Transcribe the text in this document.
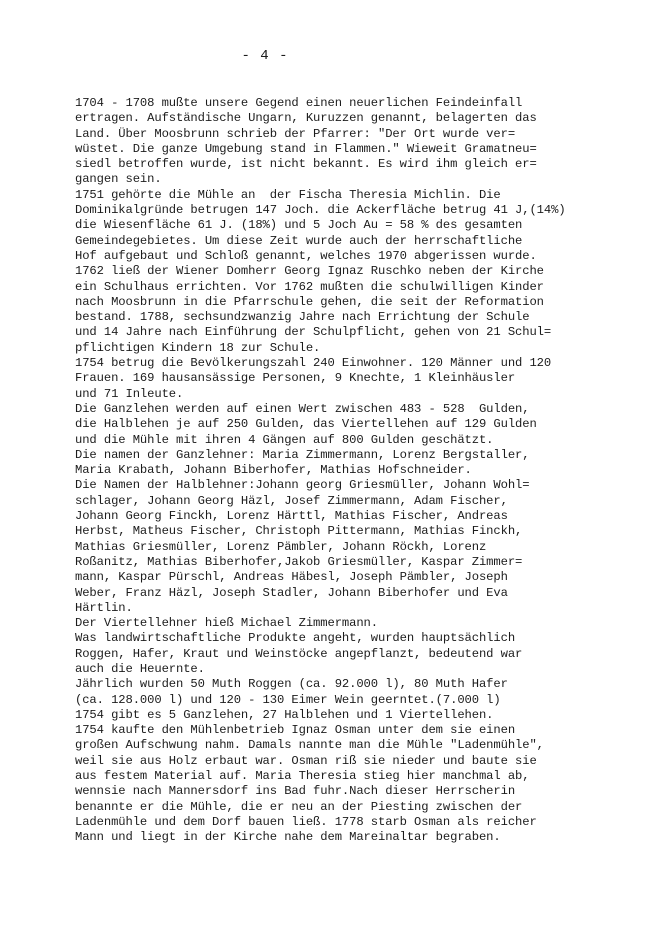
- 4 -
1704 - 1708 mußte unsere Gegend einen neuerlichen Feindeinfall
ertragen. Aufständische Ungarn, Kuruzzen genannt, belagerten das
Land. Über Moosbrunn schrieb der Pfarrer: "Der Ort wurde ver=
wüstet. Die ganze Umgebung stand in Flammen." Wieweit Gramatneu=
siedl betroffen wurde, ist nicht bekannt. Es wird ihm gleich er=
gangen sein.
1751 gehörte die Mühle an  der Fischa Theresia Michlin. Die
Dominikalgründe betrugen 147 Joch. die Ackerfläche betrug 41 J,(14%)
die Wiesenfläche 61 J. (18%) und 5 Joch Au = 58 % des gesamten
Gemeindegebietes. Um diese Zeit wurde auch der herrschaftliche
Hof aufgebaut und Schloß genannt, welches 1970 abgerissen wurde.
1762 ließ der Wiener Domherr Georg Ignaz Ruschko neben der Kirche
ein Schulhaus errichten. Vor 1762 mußten die schulwilligen Kinder
nach Moosbrunn in die Pfarrschule gehen, die seit der Reformation
bestand. 1788, sechsundzwanzig Jahre nach Errichtung der Schule
und 14 Jahre nach Einführung der Schulpflicht, gehen von 21 Schul=
pflichtigen Kindern 18 zur Schule.
1754 betrug die Bevölkerungszahl 240 Einwohner. 120 Männer und 120
Frauen. 169 hausansässige Personen, 9 Knechte, 1 Kleinhäusler
und 71 Inleute.
Die Ganzlehen werden auf einen Wert zwischen 483 - 528  Gulden,
die Halblehen je auf 250 Gulden, das Viertellehen auf 129 Gulden
und die Mühle mit ihren 4 Gängen auf 800 Gulden geschätzt.
Die namen der Ganzlehner: Maria Zimmermann, Lorenz Bergstaller,
Maria Krabath, Johann Biberhofer, Mathias Hofschneider.
Die Namen der Halblehner:Johann georg Griesmüller, Johann Wohl=
schlager, Johann Georg Häzl, Josef Zimmermann, Adam Fischer,
Johann Georg Finckh, Lorenz Härttl, Mathias Fischer, Andreas
Herbst, Matheus Fischer, Christoph Pittermann, Mathias Finckh,
Mathias Griesmüller, Lorenz Pämbler, Johann Röckh, Lorenz
Roßanitz, Mathias Biberhofer,Jakob Griesmüller, Kaspar Zimmer=
mann, Kaspar Pürschl, Andreas Häbesl, Joseph Pämbler, Joseph
Weber, Franz Häzl, Joseph Stadler, Johann Biberhofer und Eva
Härtlin.
Der Viertellehner hieß Michael Zimmermann.
Was landwirtschaftliche Produkte angeht, wurden hauptsächlich
Roggen, Hafer, Kraut und Weinstöcke angepflanzt, bedeutend war
auch die Heuernte.
Jährlich wurden 50 Muth Roggen (ca. 92.000 l), 80 Muth Hafer
(ca. 128.000 l) und 120 - 130 Eimer Wein geerntet.(7.000 l)
1754 gibt es 5 Ganzlehen, 27 Halblehen und 1 Viertellehen.
1754 kaufte den Mühlenbetrieb Ignaz Osman unter dem sie einen
großen Aufschwung nahm. Damals nannte man die Mühle "Ladenmühle",
weil sie aus Holz erbaut war. Osman riß sie nieder und baute sie
aus festem Material auf. Maria Theresia stieg hier manchmal ab,
wennsie nach Mannersdorf ins Bad fuhr.Nach dieser Herrscherin
benannte er die Mühle, die er neu an der Piesting zwischen der
Ladenmühle und dem Dorf bauen ließ. 1778 starb Osman als reicher
Mann und liegt in der Kirche nahe dem Mareinaltar begraben.
